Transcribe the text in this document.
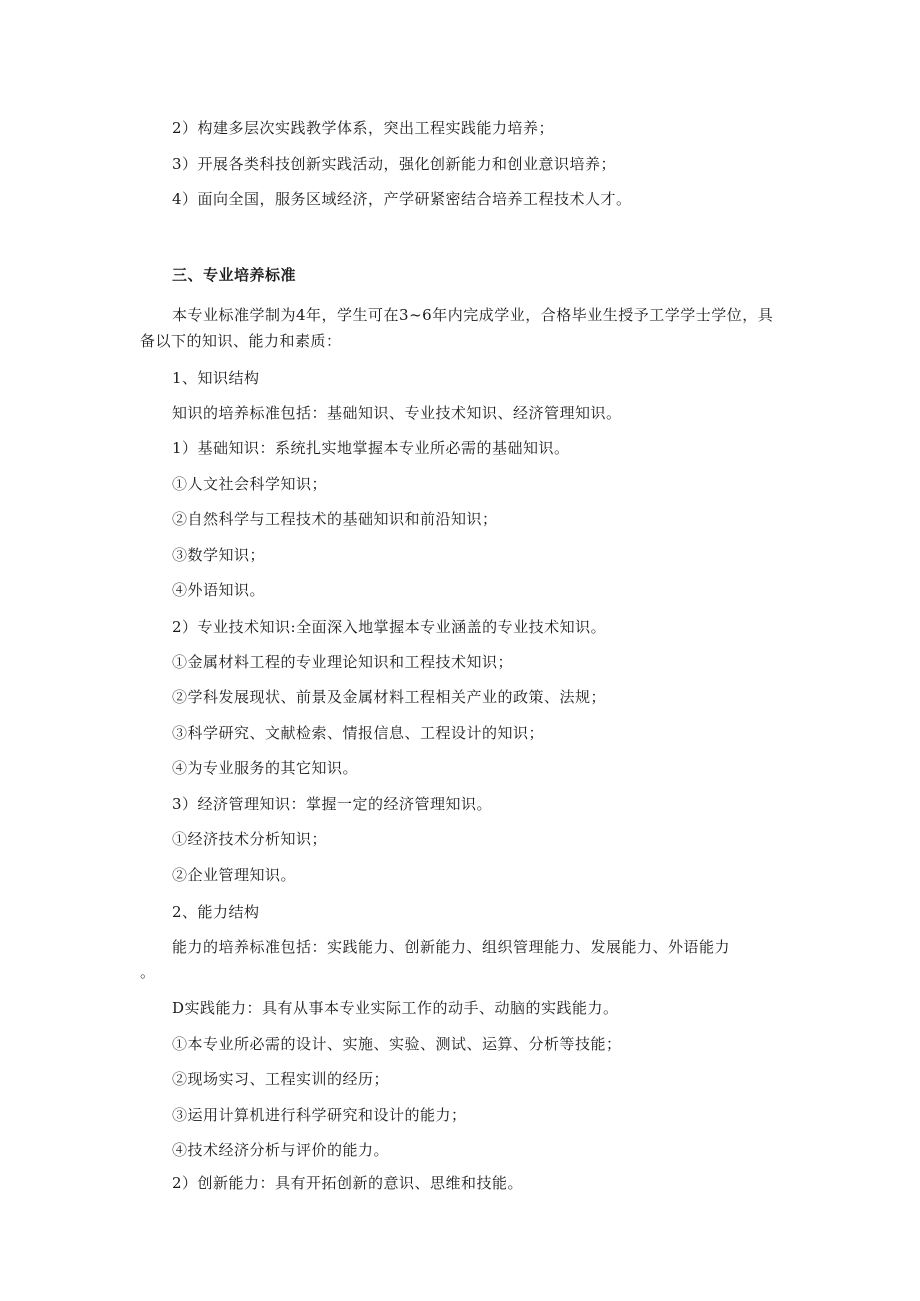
2）构建多层次实践教学体系，突出工程实践能力培养；
3）开展各类科技创新实践活动，强化创新能力和创业意识培养；
4）面向全国，服务区域经济，产学研紧密结合培养工程技术人才。
三、专业培养标准
本专业标准学制为4年，学生可在3~6年内完成学业，合格毕业生授予工学学士学位，具
备以下的知识、能力和素质：
1、知识结构
知识的培养标准包括：基础知识、专业技术知识、经济管理知识。
1）基础知识：系统扎实地掌握本专业所必需的基础知识。
①人文社会科学知识；
②自然科学与工程技术的基础知识和前沿知识；
③数学知识；
④外语知识。
2）专业技术知识:全面深入地掌握本专业涵盖的专业技术知识。
①金属材料工程的专业理论知识和工程技术知识；
②学科发展现状、前景及金属材料工程相关产业的政策、法规；
③科学研究、文献检索、情报信息、工程设计的知识；
④为专业服务的其它知识。
3）经济管理知识：掌握一定的经济管理知识。
①经济技术分析知识；
②企业管理知识。
2、能力结构
能力的培养标准包括：实践能力、创新能力、组织管理能力、发展能力、外语能力
。
D实践能力：具有从事本专业实际工作的动手、动脑的实践能力。
①本专业所必需的设计、实施、实验、测试、运算、分析等技能；
②现场实习、工程实训的经历；
③运用计算机进行科学研究和设计的能力；
④技术经济分析与评价的能力。
2）创新能力：具有开拓创新的意识、思维和技能。
